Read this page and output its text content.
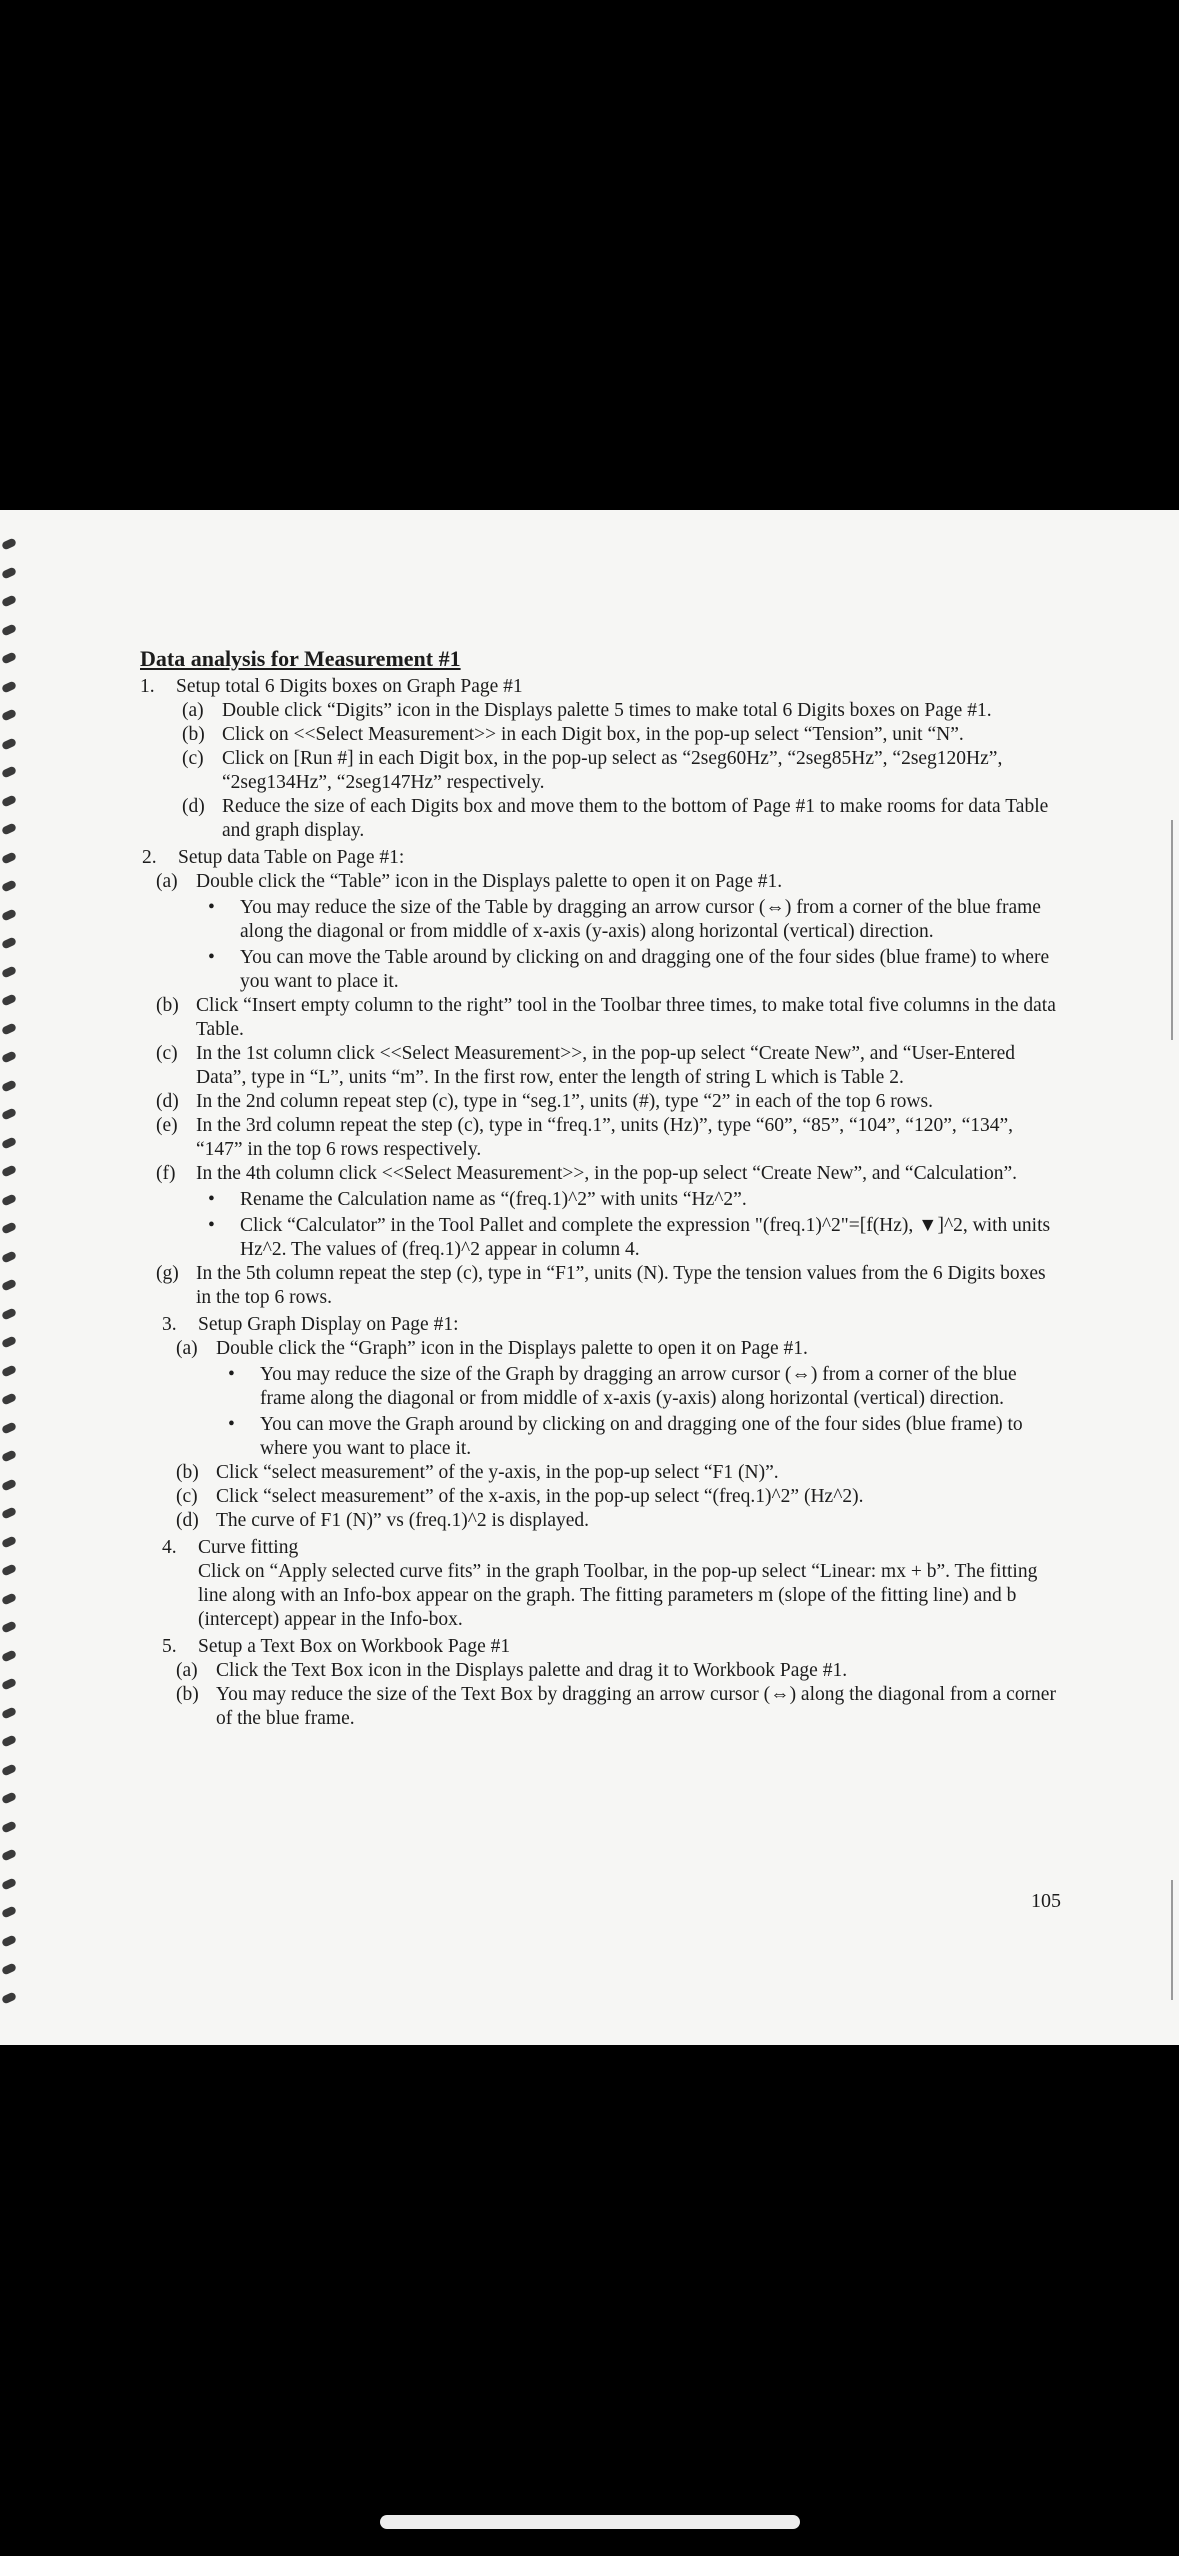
Data analysis for Measurement #1
1.	Setup total 6 Digits boxes on Graph Page #1
(a) Double click “Digits” icon in the Displays palette 5 times to make total 6 Digits boxes on Page #1.
(b) Click on <<Select Measurement>> in each Digit box, in the pop-up select “Tension”, unit “N”.
(c) Click on [Run #] in each Digit box, in the pop-up select as “2seg60Hz”, “2seg85Hz”, “2seg120Hz”, “2seg134Hz”, “2seg147Hz” respectively.
(d) Reduce the size of each Digits box and move them to the bottom of Page #1 to make rooms for data Table and graph display.
2.	Setup data Table on Page #1:
(a) Double click the “Table” icon in the Displays palette to open it on Page #1.
•	You may reduce the size of the Table by dragging an arrow cursor (⇔) from a corner of the blue frame along the diagonal or from middle of x-axis (y-axis) along horizontal (vertical) direction.
•	You can move the Table around by clicking on and dragging one of the four sides (blue frame) to where you want to place it.
(b) Click “Insert empty column to the right” tool in the Toolbar three times, to make total five columns in the data Table.
(c) In the 1st column click <<Select Measurement>>, in the pop-up select “Create New”, and “User-Entered Data”, type in “L”, units “m”. In the first row, enter the length of string L which is Table 2.
(d) In the 2nd column repeat step (c), type in “seg.1”, units (#), type “2” in each of the top 6 rows.
(e) In the 3rd column repeat the step (c), type in “freq.1”, units (Hz)”, type “60”, “85”, “104”, “120”, “134”, “147” in the top 6 rows respectively.
(f)	In the 4th column click <<Select Measurement>>, in the pop-up select “Create New”, and “Calculation”.
•	Rename the Calculation name as “(freq.1)^2” with units “Hz^2”.
•	Click “Calculator” in the Tool Pallet and complete the expression "(freq.1)^2"=[f(Hz), ▼]^2, with units Hz^2. The values of (freq.1)^2 appear in column 4.
(g) In the 5th column repeat the step (c), type in “F1”, units (N). Type the tension values from the 6 Digits boxes in the top 6 rows.
3.	Setup Graph Display on Page #1:
(a) Double click the “Graph” icon in the Displays palette to open it on Page #1.
•	You may reduce the size of the Graph by dragging an arrow cursor (⇔) from a corner of the blue frame along the diagonal or from middle of x-axis (y-axis) along horizontal (vertical) direction.
•	You can move the Graph around by clicking on and dragging one of the four sides (blue frame) to where you want to place it.
(b) Click “select measurement” of the y-axis, in the pop-up select “F1 (N)”.
(c) Click “select measurement” of the x-axis, in the pop-up select “(freq.1)^2” (Hz^2).
(d) The curve of F1 (N)” vs (freq.1)^2 is displayed.
4.	Curve fitting

Click on “Apply selected curve fits” in the graph Toolbar, in the pop-up select “Linear: mx + b”. The fitting line along with an Info-box appear on the graph. The fitting parameters m (slope of the fitting line) and b (intercept) appear in the Info-box.

5.	Setup a Text Box on Workbook Page #1
(a) Click the Text Box icon in the Displays palette and drag it to Workbook Page #1.
(b) You may reduce the size of the Text Box by dragging an arrow cursor (⇔) along the diagonal from a corner of the blue frame.
105
